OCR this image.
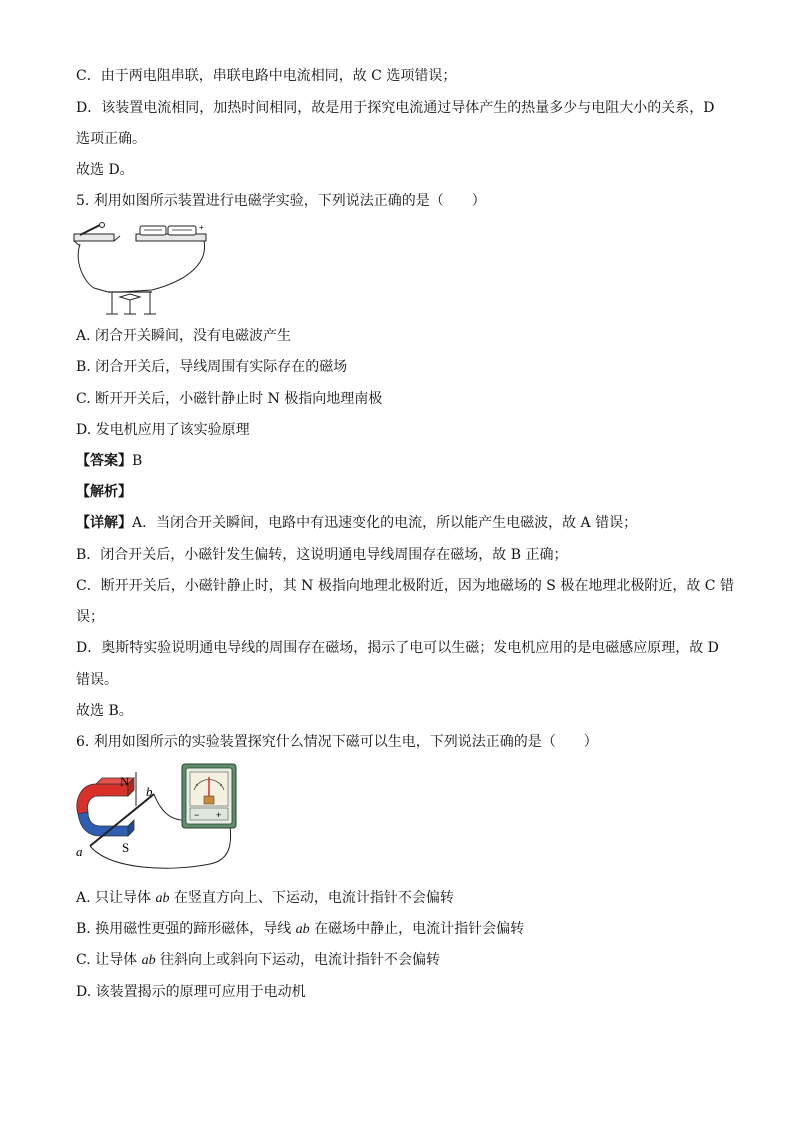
C．由于两电阻串联，串联电路中电流相同，故 C 选项错误；
D．该装置电流相同，加热时间相同，故是用于探究电流通过导体产生的热量多少与电阻大小的关系，D
选项正确。
故选 D。
5. 利用如图所示装置进行电磁学实验，下列说法正确的是（　　）
+
A. 闭合开关瞬间，没有电磁波产生
B. 闭合开关后，导线周围有实际存在的磁场
C. 断开开关后，小磁针静止时 N 极指向地理南极
D. 发电机应用了该实验原理
【答案】B
【解析】
【详解】A．当闭合开关瞬间，电路中有迅速变化的电流，所以能产生电磁波，故 A 错误；
B．闭合开关后，小磁针发生偏转，这说明通电导线周围存在磁场，故 B 正确；
C．断开开关后，小磁针静止时，其 N 极指向地理北极附近，因为地磁场的 S 极在地理北极附近，故 C 错
误；
D．奥斯特实验说明通电导线的周围存在磁场，揭示了电可以生磁；发电机应用的是电磁感应原理，故 D
错误。
故选 B。
6. 利用如图所示的实验装置探究什么情况下磁可以生电，下列说法正确的是（　　）
N
S
a
b
− +
A. 只让导体 ab 在竖直方向上、下运动，电流计指针不会偏转
B. 换用磁性更强的蹄形磁体，导线 ab 在磁场中静止，电流计指针会偏转
C. 让导体 ab 往斜向上或斜向下运动，电流计指针不会偏转
D. 该装置揭示的原理可应用于电动机
